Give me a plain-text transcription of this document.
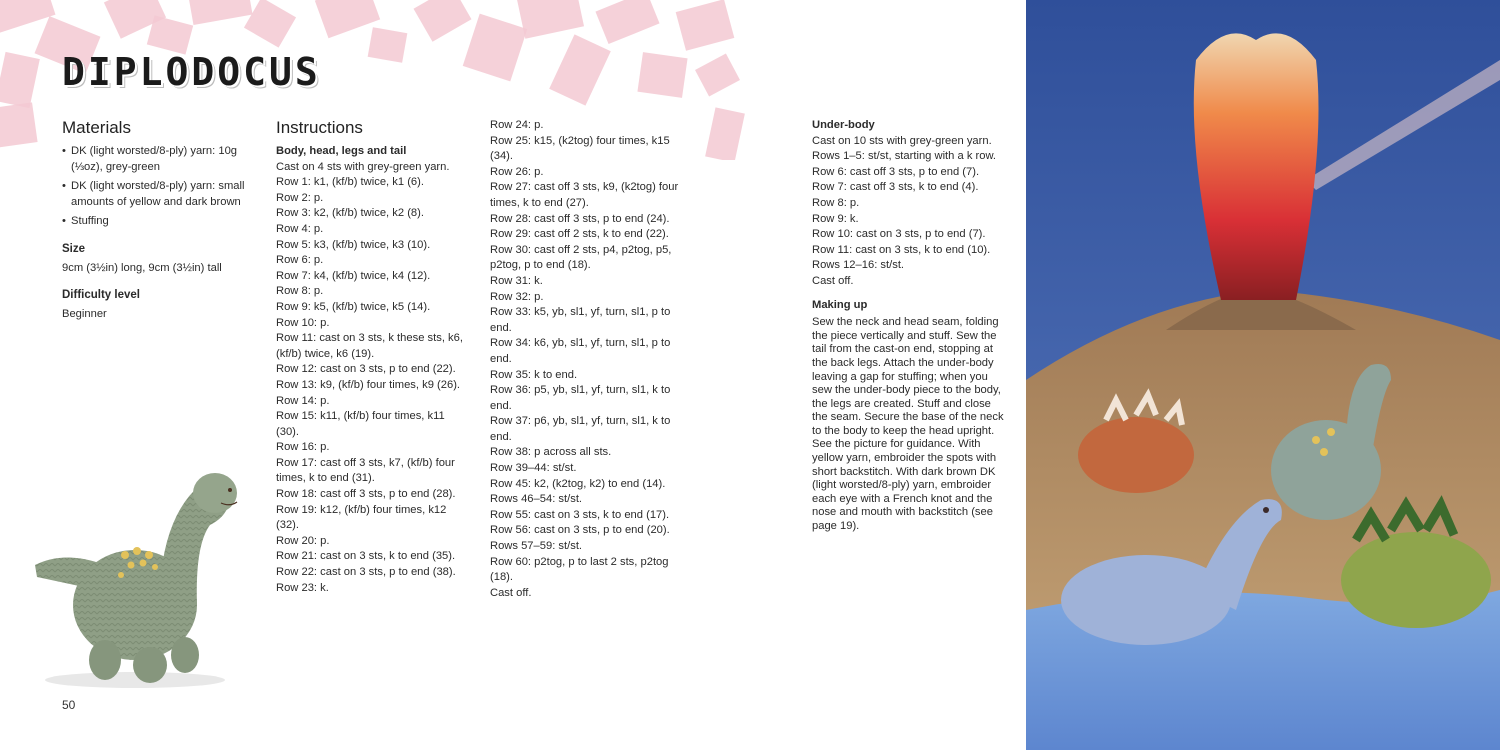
DIPLODOCUS
Materials
• DK (light worsted/8-ply) yarn: 10g (⅓oz), grey-green
• DK (light worsted/8-ply) yarn: small amounts of yellow and dark brown
• Stuffing
Size

9cm (3½in) long, 9cm (3½in) tall

Difficulty level

Beginner

Instructions

Body, head, legs and tail

Cast on 4 sts with grey-green yarn.

Row 1: k1, (kf/b) twice, k1 (6).

Row 2: p.

Row 3: k2, (kf/b) twice, k2 (8).

Row 4: p.

Row 5: k3, (kf/b) twice, k3 (10).

Row 6: p.

Row 7: k4, (kf/b) twice, k4 (12).

Row 8: p.

Row 9: k5, (kf/b) twice, k5 (14).

Row 10: p.

Row 11: cast on 3 sts, k these sts, k6, (kf/b) twice, k6 (19).

Row 12: cast on 3 sts, p to end (22).

Row 13: k9, (kf/b) four times, k9 (26).

Row 14: p.

Row 15: k11, (kf/b) four times, k11 (30).

Row 16: p.

Row 17: cast off 3 sts, k7, (kf/b) four times, k to end (31).

Row 18: cast off 3 sts, p to end (28).

Row 19: k12, (kf/b) four times, k12 (32).

Row 20: p.

Row 21: cast on 3 sts, k to end (35).

Row 22: cast on 3 sts, p to end (38).

Row 23: k.

Row 24: p.

Row 25: k15, (k2tog) four times, k15 (34).

Row 26: p.

Row 27: cast off 3 sts, k9, (k2tog) four times, k to end (27).

Row 28: cast off 3 sts, p to end (24).

Row 29: cast off 2 sts, k to end (22).

Row 30: cast off 2 sts, p4, p2tog, p5, p2tog, p to end (18).

Row 31: k.

Row 32: p.

Row 33: k5, yb, sl1, yf, turn, sl1, p to end.

Row 34: k6, yb, sl1, yf, turn, sl1, p to end.

Row 35: k to end.

Row 36: p5, yb, sl1, yf, turn, sl1, k to end.

Row 37: p6, yb, sl1, yf, turn, sl1, k to end.

Row 38: p across all sts.

Row 39–44: st/st.

Row 45: k2, (k2tog, k2) to end (14).

Rows 46–54: st/st.

Row 55: cast on 3 sts, k to end (17).

Row 56: cast on 3 sts, p to end (20).

Rows 57–59: st/st.

Row 60: p2tog, p to last 2 sts, p2tog (18).

Cast off.

Under-body

Cast on 10 sts with grey-green yarn.

Rows 1–5: st/st, starting with a k row.

Row 6: cast off 3 sts, p to end (7).

Row 7: cast off 3 sts, k to end (4).

Row 8: p.

Row 9: k.

Row 10: cast on 3 sts, p to end (7).

Row 11: cast on 3 sts, k to end (10).

Rows 12–16: st/st.

Cast off.

Making up

Sew the neck and head seam, folding the piece vertically and stuff. Sew the tail from the cast-on end, stopping at the back legs. Attach the under-body leaving a gap for stuffing; when you sew the under-body piece to the body, the legs are created. Stuff and close the seam. Secure the base of the neck to the body to keep the head upright. See the picture for guidance. With yellow yarn, embroider the spots with short backstitch. With dark brown DK (light worsted/8-ply) yarn, embroider each eye with a French knot and the nose and mouth with backstitch (see page 19).

50
